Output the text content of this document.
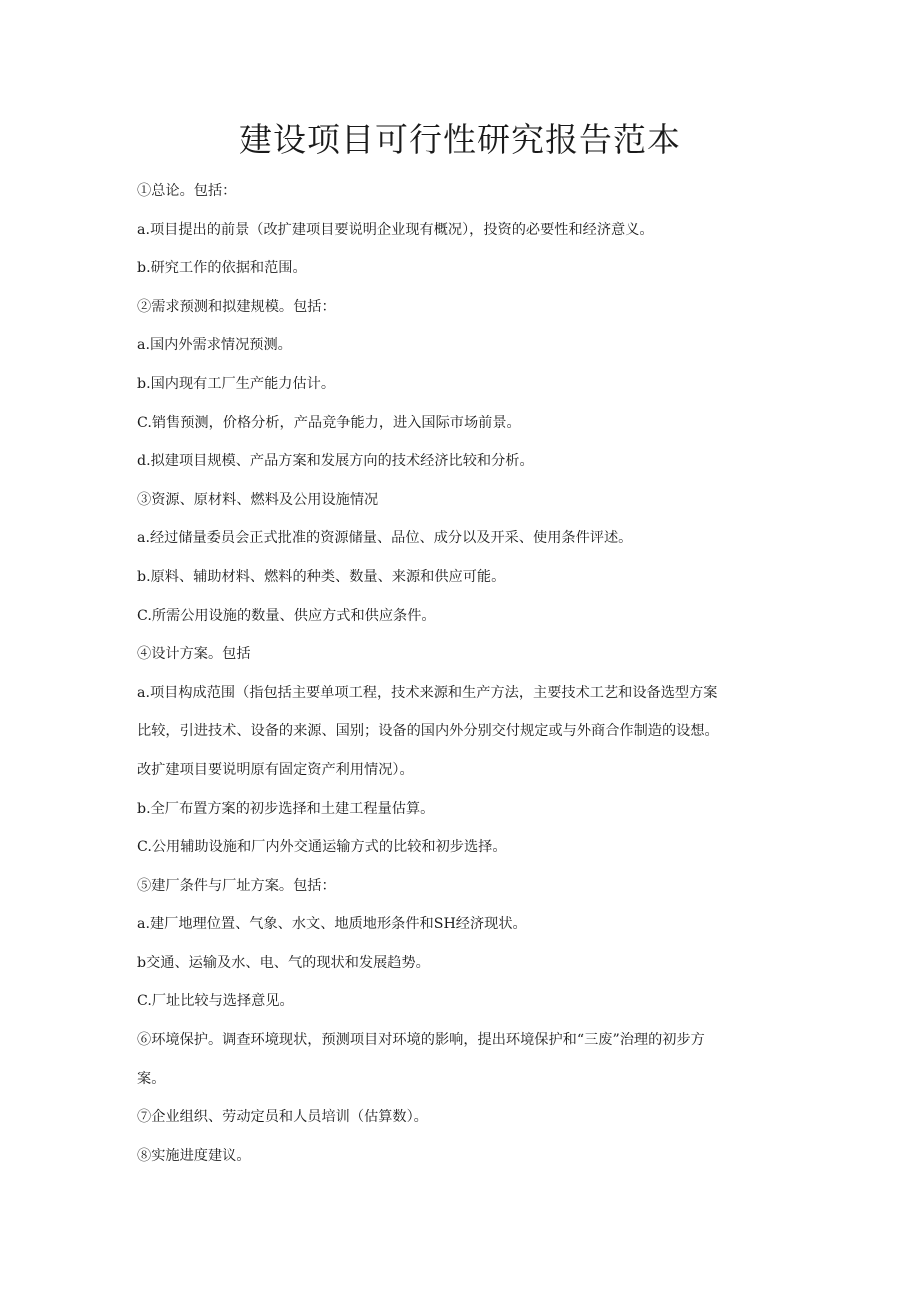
建设项目可行性研究报告范本

①总论。包括：

a.项目提出的前景（改扩建项目要说明企业现有概况），投资的必要性和经济意义。

b.研究工作的依据和范围。

②需求预测和拟建规模。包括：

a.国内外需求情况预测。

b.国内现有工厂生产能力估计。

C.销售预测，价格分析，产品竞争能力，进入国际市场前景。

d.拟建项目规模、产品方案和发展方向的技术经济比较和分析。

③资源、原材料、燃料及公用设施情况

a.经过储量委员会正式批准的资源储量、品位、成分以及开采、使用条件评述。

b.原料、辅助材料、燃料的种类、数量、来源和供应可能。

C.所需公用设施的数量、供应方式和供应条件。

④设计方案。包括

a.项目构成范围（指包括主要单项工程，技术来源和生产方法，主要技术工艺和设备选型方案

比较，引进技术、设备的来源、国别；设备的国内外分别交付规定或与外商合作制造的设想。

改扩建项目要说明原有固定资产利用情况）。

b.全厂布置方案的初步选择和土建工程量估算。

C.公用辅助设施和厂内外交通运输方式的比较和初步选择。

⑤建厂条件与厂址方案。包括：

a.建厂地理位置、气象、水文、地质地形条件和SH经济现状。

b交通、运输及水、电、气的现状和发展趋势。

C.厂址比较与选择意见。

⑥环境保护。调查环境现状，预测项目对环境的影响，提出环境保护和“三废”治理的初步方

案。

⑦企业组织、劳动定员和人员培训（估算数）。

⑧实施进度建议。
